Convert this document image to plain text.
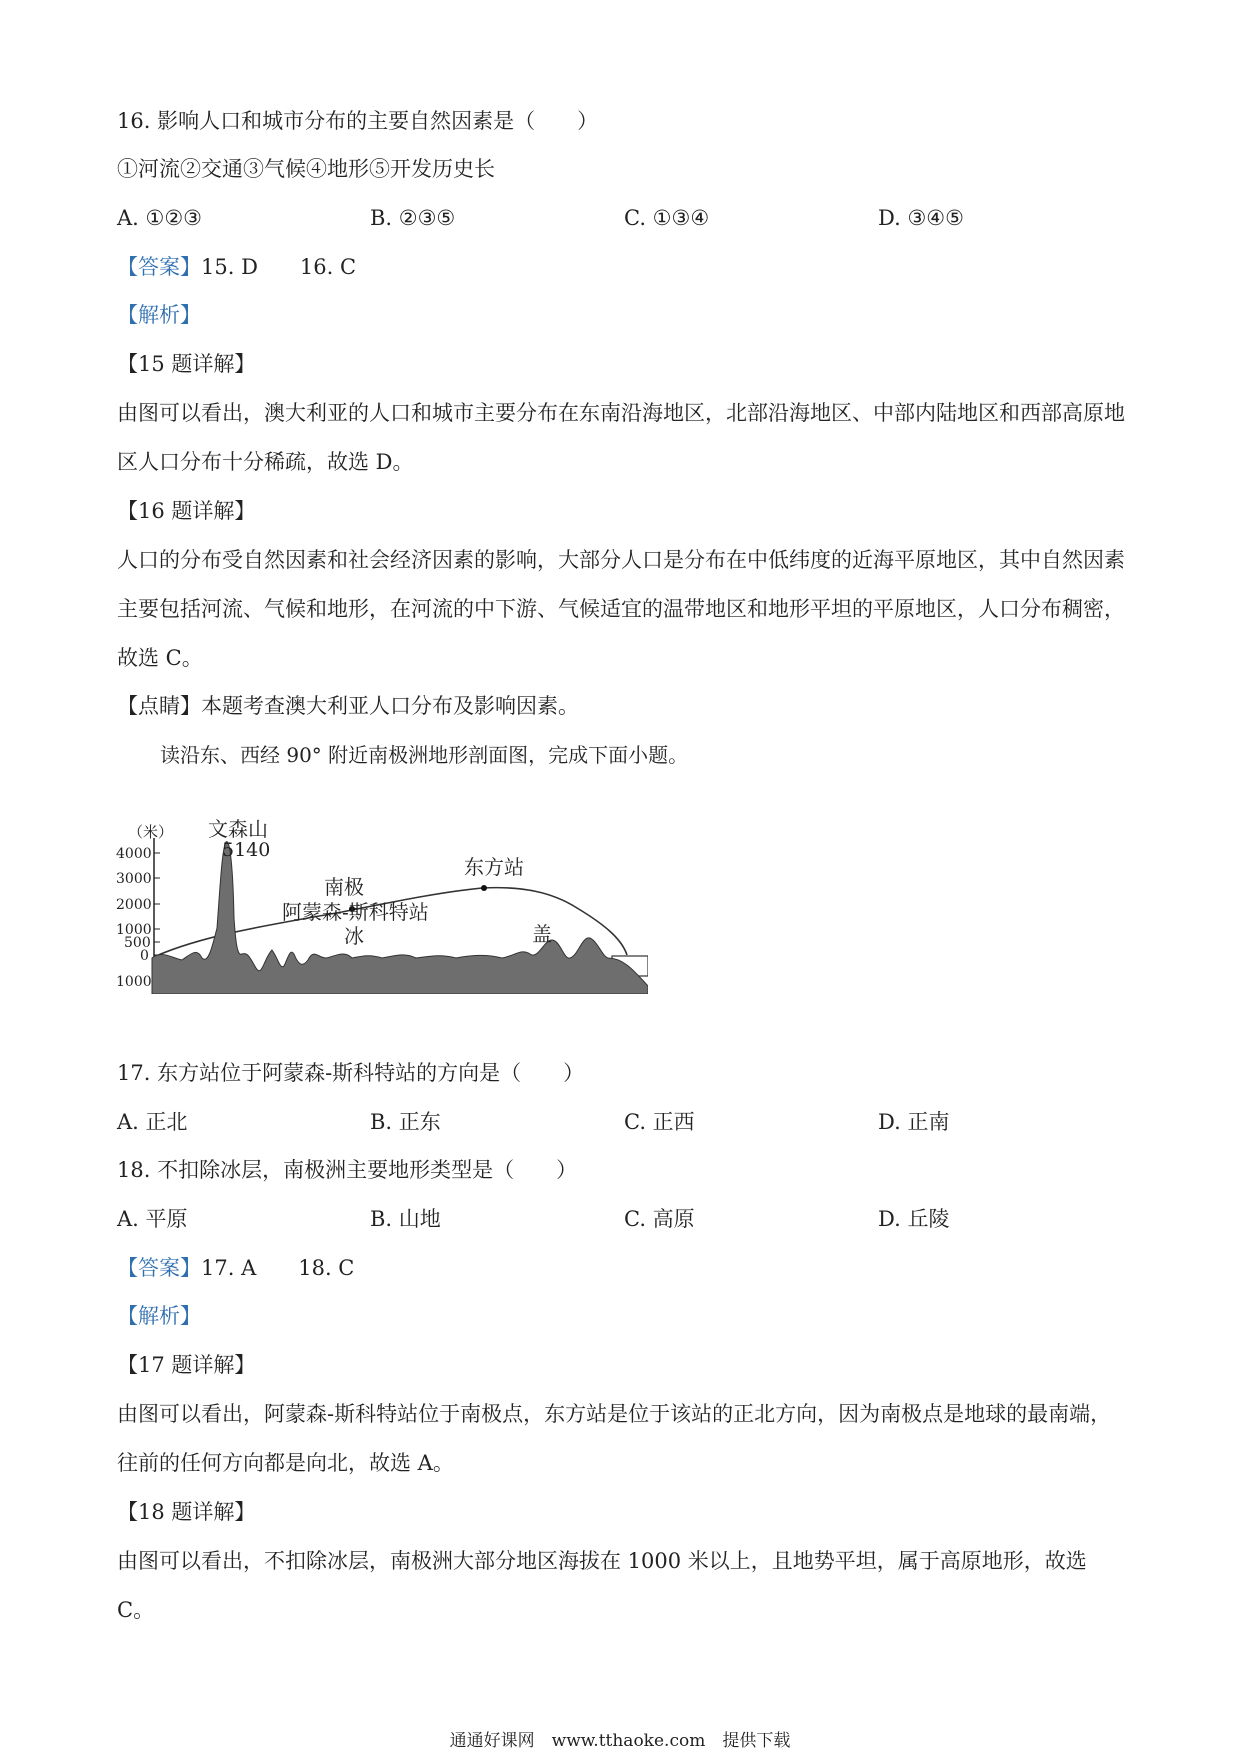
16. 影响人口和城市分布的主要自然因素是（　　）
①河流②交通③气候④地形⑤开发历史长
A. ①②③	B. ②③⑤	C. ①③④	D. ③④⑤
【答案】15. D　　16. C
【解析】
【15 题详解】
由图可以看出，澳大利亚的人口和城市主要分布在东南沿海地区，北部沿海地区、中部内陆地区和西部高原地区人口分布十分稀疏，故选 D。
【16 题详解】
人口的分布受自然因素和社会经济因素的影响，大部分人口是分布在中低纬度的近海平原地区，其中自然因素主要包括河流、气候和地形，在河流的中下游、气候适宜的温带地区和地形平坦的平原地区，人口分布稠密，故选 C。
【点睛】本题考查澳大利亚人口分布及影响因素。
读沿东、西经 90° 附近南极洲地形剖面图，完成下面小题。
（米）
4000
3000
2000
1000
500
0
1000
文森山
5140
南极
东方站
阿蒙森-斯科特站
冰	盖
17. 东方站位于阿蒙森-斯科特站的方向是（　　）
A. 正北	B. 正东	C. 正西	D. 正南
18. 不扣除冰层，南极洲主要地形类型是（　　）
A. 平原	B. 山地	C. 高原	D. 丘陵
【答案】17. A　　18. C
【解析】
【17 题详解】
由图可以看出，阿蒙森-斯科特站位于南极点，东方站是位于该站的正北方向，因为南极点是地球的最南端，往前的任何方向都是向北，故选 A。
【18 题详解】
由图可以看出，不扣除冰层，南极洲大部分地区海拔在 1000 米以上，且地势平坦，属于高原地形，故选 C。
通通好课网　www.tthaoke.com　提供下载
